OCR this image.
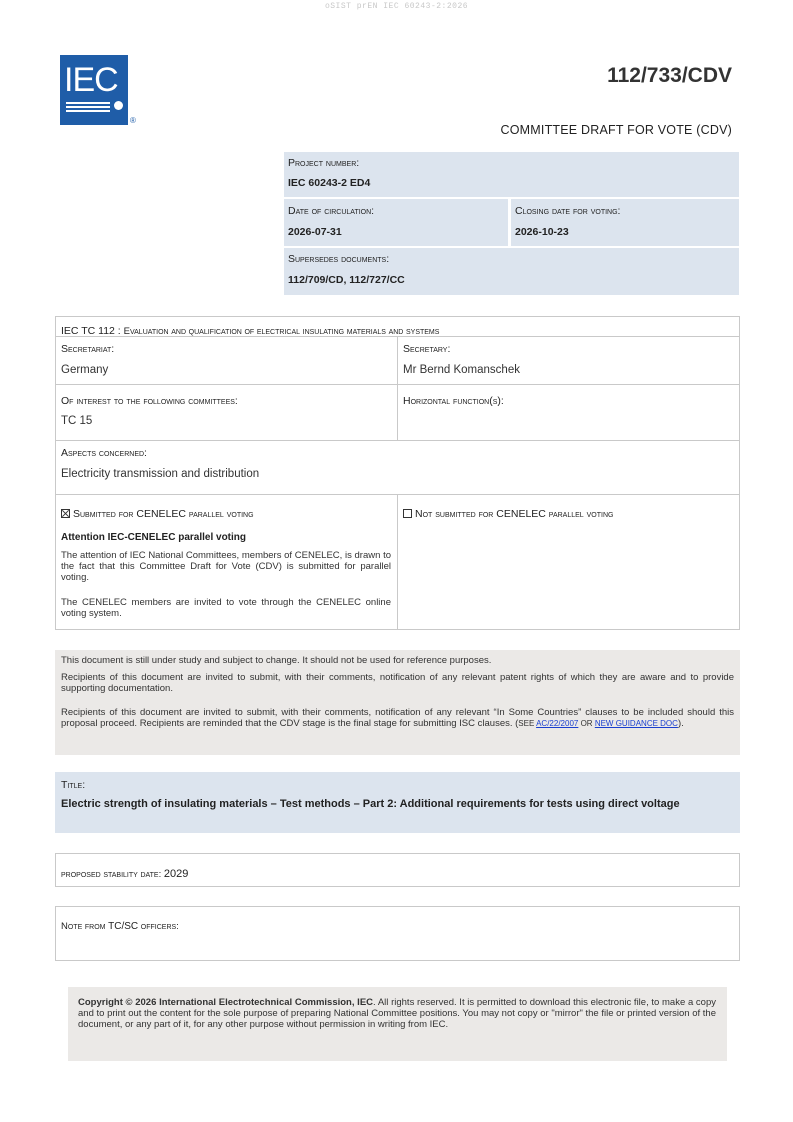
oSIST prEN IEC 60243-2:2026
IEC
®
112/733/CDV
COMMITTEE DRAFT FOR VOTE (CDV)
Project number:
IEC 60243-2 ED4
Date of circulation:
2026-07-31
Closing date for voting:
2026-10-23
Supersedes documents:
112/709/CD, 112/727/CC
IEC TC 112 : Evaluation and qualification of electrical insulating materials and systems
Secretariat:
Germany
Secretary:
Mr Bernd Komanschek
Of interest to the following committees:
TC 15
Horizontal function(s):
Aspects concerned:
Electricity transmission and distribution
Submitted for CENELEC parallel voting	Not submitted for CENELEC parallel voting
Attention IEC-CENELEC parallel voting
The attention of IEC National Committees, members of CENELEC, is drawn to the fact that this Committee Draft for Vote (CDV) is submitted for parallel voting.
The CENELEC members are invited to vote through the CENELEC online voting system.

This document is still under study and subject to change. It should not be used for reference purposes.

Recipients of this document are invited to submit, with their comments, notification of any relevant patent rights of which they are aware and to provide supporting documentation.

Recipients of this document are invited to submit, with their comments, notification of any relevant “In Some Countries” clauses to be included should this proposal proceed. Recipients are reminded that the CDV stage is the final stage for submitting ISC clauses. (SEE AC/22/2007 OR NEW GUIDANCE DOC).

Title:
Electric strength of insulating materials – Test methods – Part 2: Additional requirements for tests using direct voltage
proposed stability date: 2029
Note from TC/SC officers:

Copyright © 2026 International Electrotechnical Commission, IEC. All rights reserved. It is permitted to download this electronic file, to make a copy and to print out the content for the sole purpose of preparing National Committee positions. You may not copy or "mirror" the file or printed version of the document, or any part of it, for any other purpose without permission in writing from IEC.
